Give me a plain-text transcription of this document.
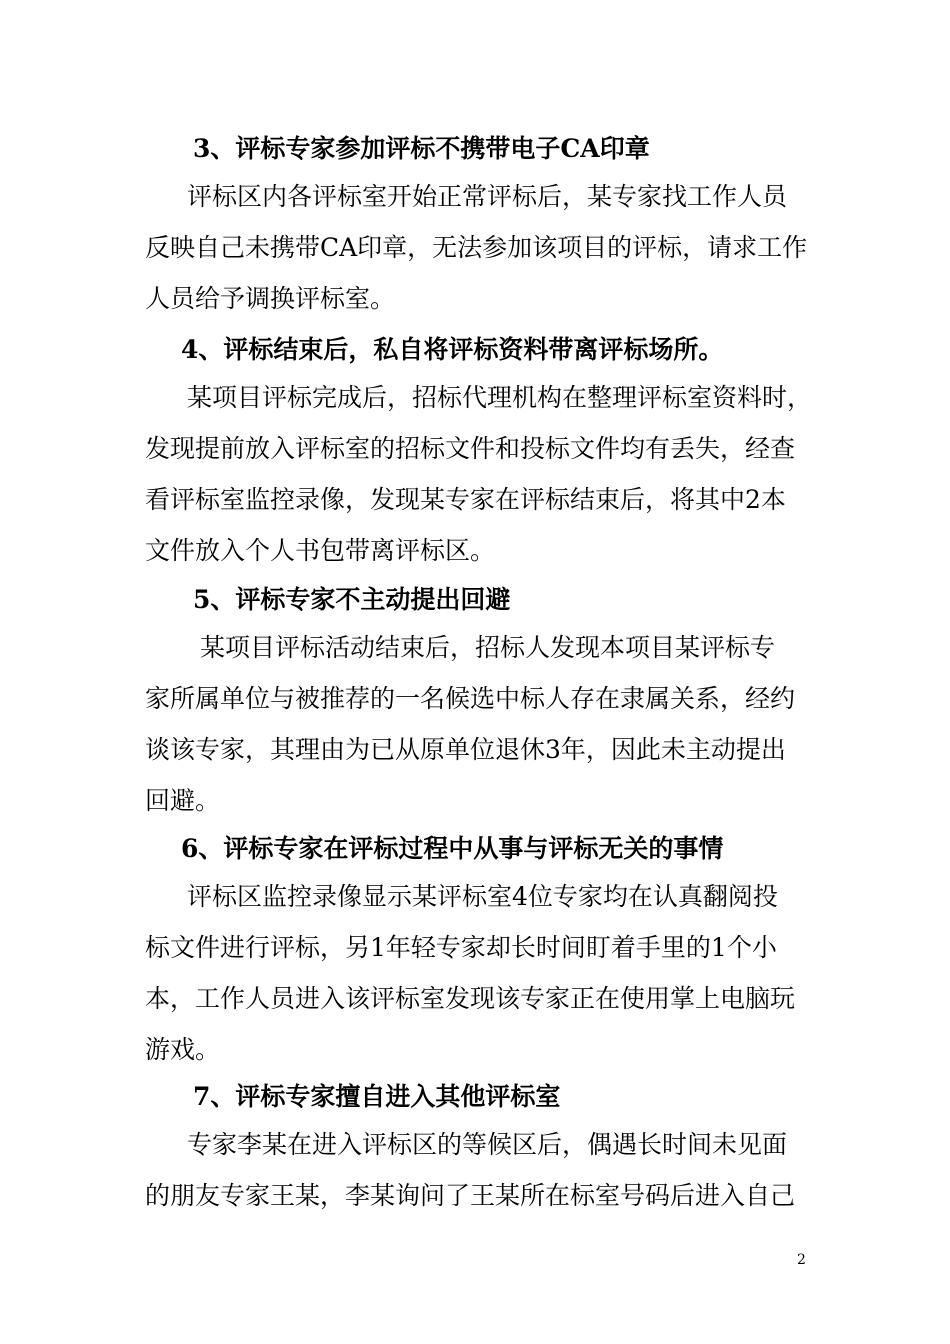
3、评标专家参加评标不携带电子CA印章
评标区内各评标室开始正常评标后，某专家找工作人员
反映自己未携带CA印章，无法参加该项目的评标，请求工作
人员给予调换评标室。
4、评标结束后，私自将评标资料带离评标场所。
某项目评标完成后，招标代理机构在整理评标室资料时，
发现提前放入评标室的招标文件和投标文件均有丢失，经查
看评标室监控录像，发现某专家在评标结束后，将其中2本
文件放入个人书包带离评标区。
5、评标专家不主动提出回避
某项目评标活动结束后，招标人发现本项目某评标专
家所属单位与被推荐的一名候选中标人存在隶属关系，经约
谈该专家，其理由为已从原单位退休3年，因此未主动提出
回避。
6、评标专家在评标过程中从事与评标无关的事情
评标区监控录像显示某评标室4位专家均在认真翻阅投
标文件进行评标，另1年轻专家却长时间盯着手里的1个小
本，工作人员进入该评标室发现该专家正在使用掌上电脑玩
游戏。
7、评标专家擅自进入其他评标室
专家李某在进入评标区的等候区后，偶遇长时间未见面
的朋友专家王某，李某询问了王某所在标室号码后进入自己
2
